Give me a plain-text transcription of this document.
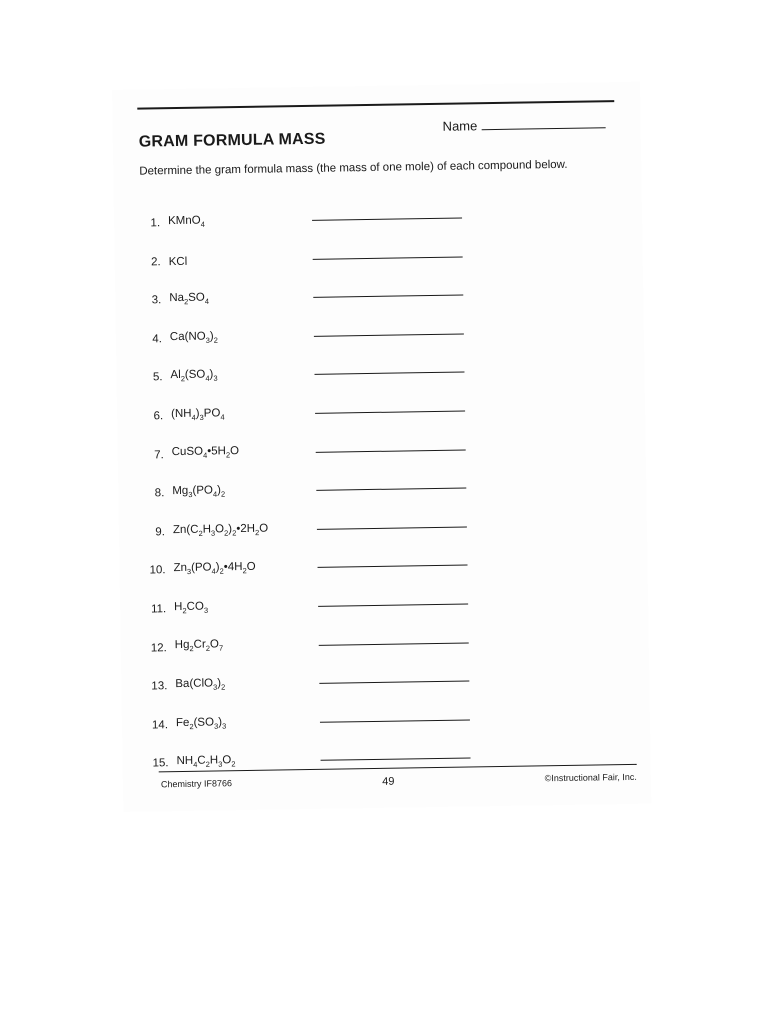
GRAM FORMULA MASS
Name

Determine the gram formula mass (the mass of one mole) of each compound below.

1. KMnO$_4$
2. KCl
3. $Na_2SO_4$
4. $Ca(NO_3)_2$
5. $Al_2(SO_4)_3$
6. $(NH_4)_3PO_4$
7. $CuSO_4•5H_2O$
8. $Mg_3(PO_4)_2$
9. $Zn(C_2H_3O_2)_2•2H_2O$
10. $Zn_3(PO_4)_2•4H_2O$
11. $H_2CO_3$
12. $Hg_2Cr_2O_7$
13. $Ba(ClO_3)_2$
14. $Fe_2(SO_3)_3$
15. $NH_4C_2H_3O_2$
Chemistry IF8766	49	©Instructional Fair, Inc.
